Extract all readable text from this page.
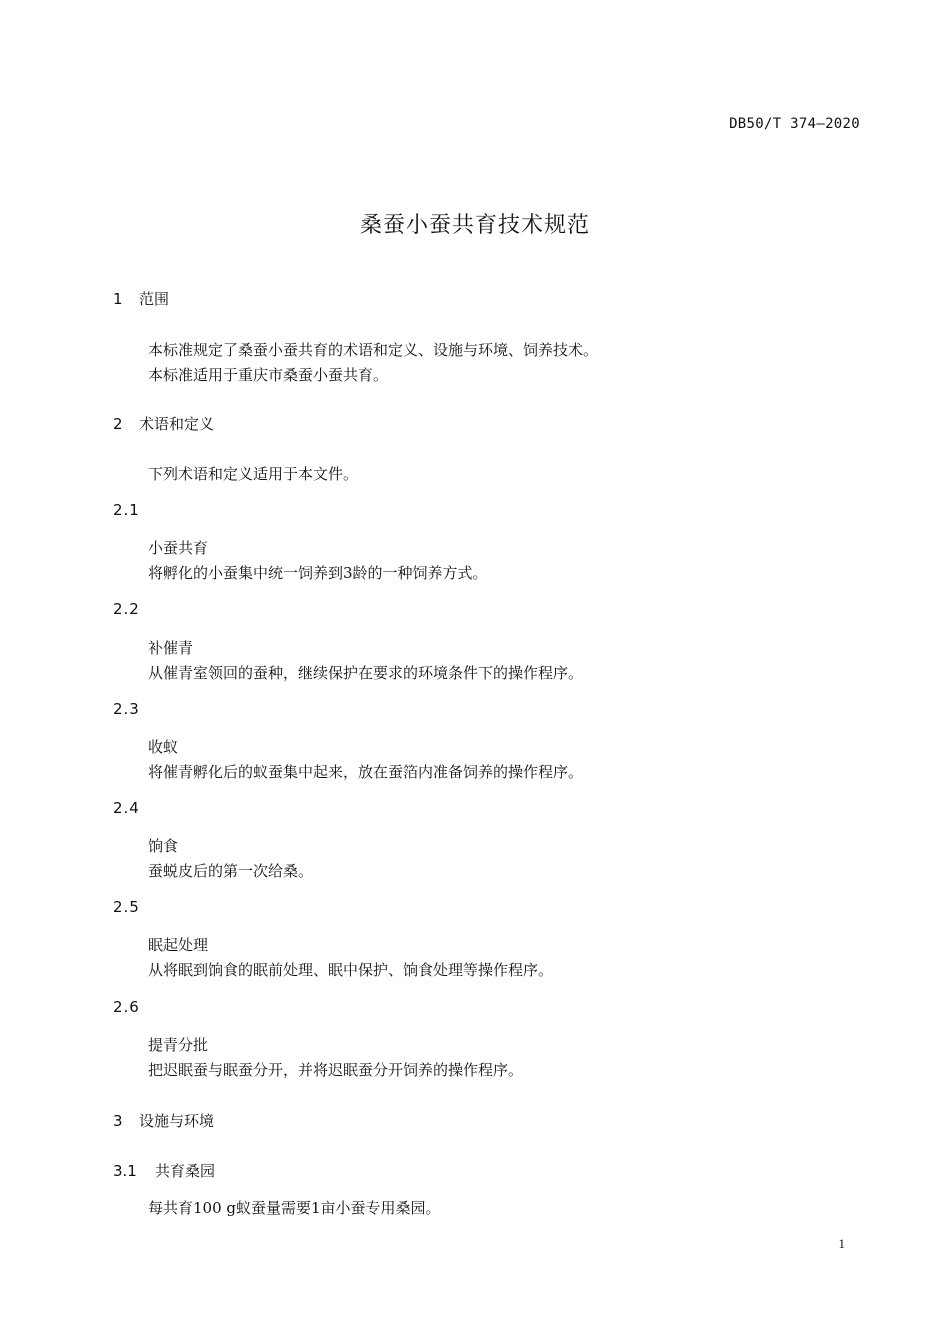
DB50/T 374—2020
桑蚕小蚕共育技术规范
1 范围
本标准规定了桑蚕小蚕共育的术语和定义、设施与环境、饲养技术。
本标准适用于重庆市桑蚕小蚕共育。
2 术语和定义
下列术语和定义适用于本文件。
2.1
小蚕共育
将孵化的小蚕集中统一饲养到3龄的一种饲养方式。
2.2
补催青
从催青室领回的蚕种，继续保护在要求的环境条件下的操作程序。
2.3
收蚁
将催青孵化后的蚁蚕集中起来，放在蚕箔内准备饲养的操作程序。
2.4
饷食
蚕蜕皮后的第一次给桑。
2.5
眠起处理
从将眠到饷食的眠前处理、眠中保护、饷食处理等操作程序。
2.6
提青分批
把迟眠蚕与眠蚕分开，并将迟眠蚕分开饲养的操作程序。
3 设施与环境
3.1 共育桑园
每共育100 g蚁蚕量需要1亩小蚕专用桑园。
1
